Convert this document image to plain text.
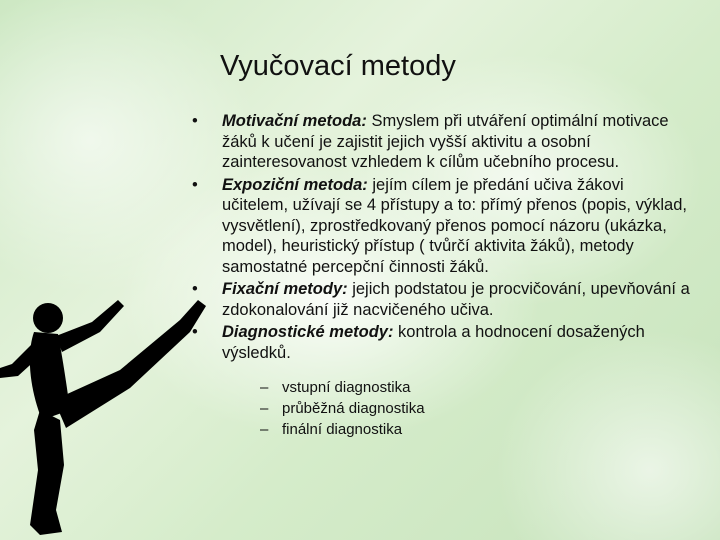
Vyučovací metody
•	Motivační metoda: Smyslem při utváření optimální motivace žáků k učení je zajistit jejich vyšší aktivitu a osobní zainteresovanost vzhledem k cílům učebního procesu.
•	Expoziční metoda: jejím cílem je předání učiva žákovi učitelem, užívají se 4 přístupy a to: přímý přenos (popis, výklad, vysvětlení), zprostředkovaný přenos pomocí názoru (ukázka, model), heuristický přístup ( tvůrčí aktivita žáků), metody samostatné percepční činnosti žáků.
•	Fixační metody: jejich podstatou je procvičování, upevňování a zdokonalování již nacvičeného učiva.
•	Diagnostické metody: kontrola a hodnocení dosažených výsledků.
– vstupní diagnostika
– průběžná diagnostika
– finální diagnostika
